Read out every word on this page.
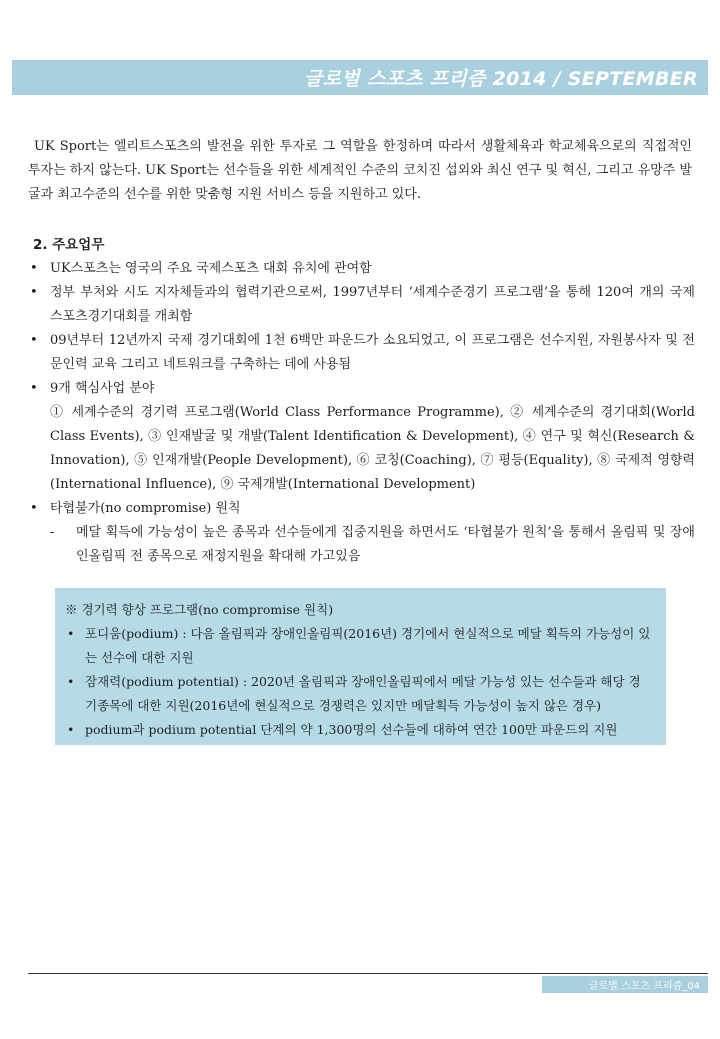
글로벌 스포츠 프리즘 2014 / SEPTEMBER

UK Sport는 엘리트스포츠의 발전을 위한 투자로 그 역할을 한정하며 따라서 생활체육과 학교체육으로의 직접적인 투자는 하지 않는다. UK Sport는 선수들을 위한 세계적인 수준의 코치진 섭외와 최신 연구 및 혁신, 그리고 유망주 발굴과 최고수준의 선수를 위한 맞춤형 지원 서비스 등을 지원하고 있다.

2. 주요업무
• UK스포츠는 영국의 주요 국제스포츠 대회 유치에 관여함
• 정부 부처와 시도 지자체들과의 협력기관으로써, 1997년부터 ‘세계수준경기 프로그램’을 통해 120여 개의 국제 스포츠경기대회를 개최함
• 09년부터 12년까지 국제 경기대회에 1천 6백만 파운드가 소요되었고, 이 프로그램은 선수지원, 자원봉사자 및 전문인력 교육 그리고 네트워크를 구축하는 데에 사용됨
• 9개 핵심사업 분야
① 세계수준의 경기력 프로그램(World Class Performance Programme), ② 세계수준의 경기대회(World Class Events), ③ 인재발굴 및 개발(Talent Identification & Development), ④ 연구 및 혁신(Research & Innovation), ⑤ 인재개발(People Development), ⑥ 코칭(Coaching), ⑦ 평등(Equality), ⑧ 국제적 영향력(International Influence), ⑨ 국제개발(International Development)
• 타협불가(no compromise) 원칙
- 메달 획득에 가능성이 높은 종목과 선수들에게 집중지원을 하면서도 ‘타협불가 원칙’을 통해서 올림픽 및 장애인올림픽 전 종목으로 재정지원을 확대해 가고있음
※ 경기력 향상 프로그램(no compromise 원칙)
• 포디움(podium) : 다음 올림픽과 장애인올림픽(2016년) 경기에서 현실적으로 메달 획득의 가능성이 있는 선수에 대한 지원
• 잠재력(podium potential) : 2020년 올림픽과 장애인올림픽에서 메달 가능성 있는 선수들과 해당 경기종목에 대한 지원(2016년에 현실적으로 경쟁력은 있지만 메달획득 가능성이 높지 않은 경우)
• podium과 podium potential 단계의 약 1,300명의 선수들에 대하여 연간 100만 파운드의 지원
글로벌 스포츠 프리즘_04
